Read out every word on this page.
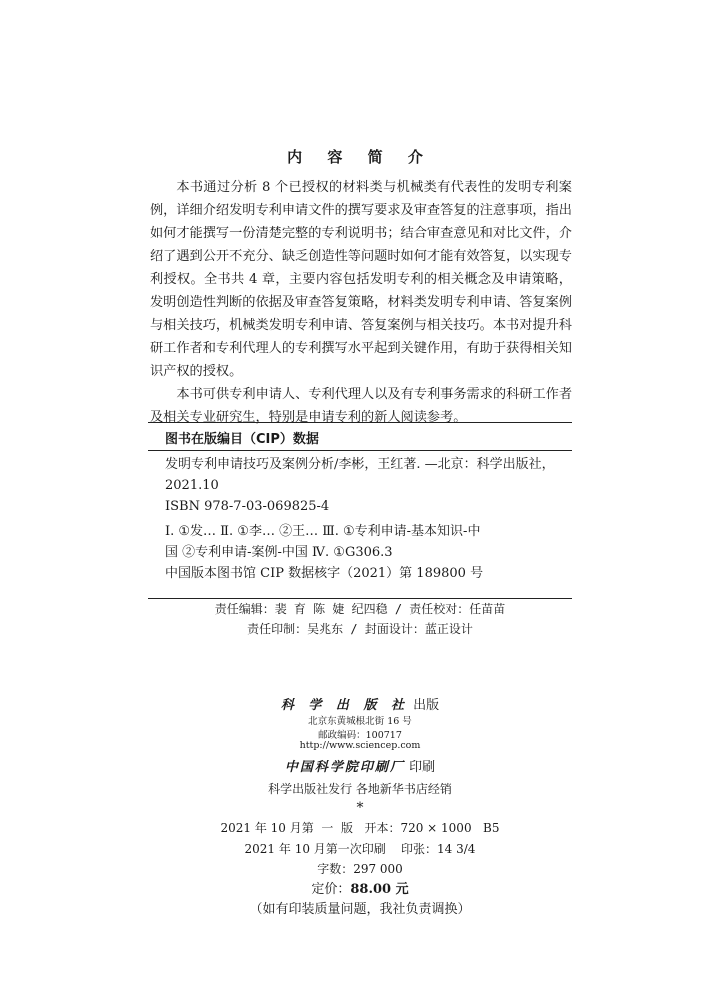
内 容 简 介

本书通过分析 8 个已授权的材料类与机械类有代表性的发明专利案例，详细介绍发明专利申请文件的撰写要求及审查答复的注意事项，指出如何才能撰写一份清楚完整的专利说明书；结合审查意见和对比文件，介绍了遇到公开不充分、缺乏创造性等问题时如何才能有效答复，以实现专利授权。全书共 4 章，主要内容包括发明专利的相关概念及申请策略，发明创造性判断的依据及审查答复策略，材料类发明专利申请、答复案例与相关技巧，机械类发明专利申请、答复案例与相关技巧。本书对提升科研工作者和专利代理人的专利撰写水平起到关键作用，有助于获得相关知识产权的授权。

本书可供专利申请人、专利代理人以及有专利事务需求的科研工作者及相关专业研究生，特别是申请专利的新人阅读参考。

图书在版编目（CIP）数据

发明专利申请技巧及案例分析/李彬，王红著. —北京：科学出版社，

2021.10

ISBN 978-7-03-069825-4

Ⅰ. ①发… Ⅱ. ①李… ②王… Ⅲ. ①专利申请-基本知识-中

国 ②专利申请-案例-中国 Ⅳ. ①G306.3

中国版本图书馆 CIP 数据核字（2021）第 189800 号

责任编辑：裴 育 陈 婕 纪四稳 / 责任校对：任苗苗
责任印制：吴兆东 / 封面设计：蓝正设计
科 学 出 版 社 出版
北京东黄城根北街 16 号
邮政编码：100717
http://www.sciencep.com
中国科学院印刷厂 印刷
科学出版社发行 各地新华书店经销
*
2021 年 10 月第  一  版   开本：720 × 1000   B5
2021 年 10 月第一次印刷    印张：14 3/4
字数：297 000
定价：88.00 元
（如有印装质量问题，我社负责调换）
